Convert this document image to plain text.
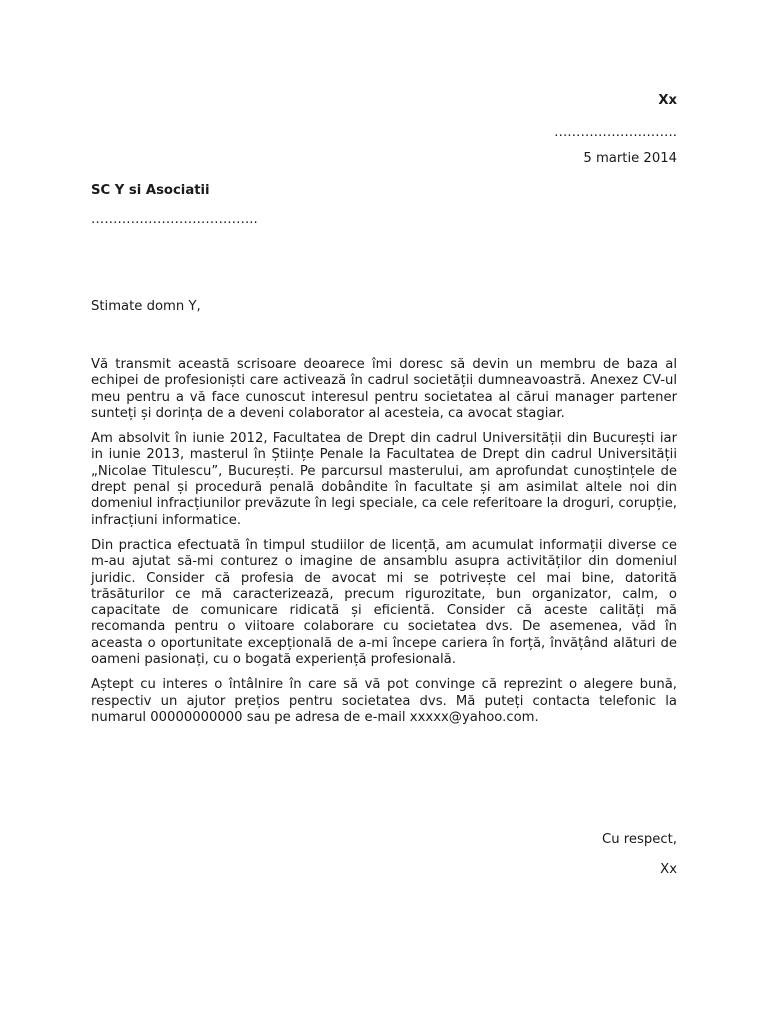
Xx
……………………….
5 martie 2014
SC Y si Asociatii
………………………………..
Stimate domn Y,

Vă transmit această scrisoare deoarece îmi doresc să devin un membru de baza al echipei de profesioniști care activează în cadrul societății dumneavoastră. Anexez CV-ul meu pentru a vă face cunoscut interesul pentru societatea al cărui manager partener sunteți și dorința de a deveni colaborator al acesteia, ca avocat stagiar.

Am absolvit în iunie 2012, Facultatea de Drept din cadrul Universității din București iar in iunie 2013, masterul în Științe Penale la Facultatea de Drept din cadrul Universității „Nicolae Titulescu”, București. Pe parcursul masterului, am aprofundat cunoștințele de drept penal și procedură penală dobândite în facultate și am asimilat altele noi din domeniul infracțiunilor prevăzute în legi speciale, ca cele referitoare la droguri, corupție, infracțiuni informatice.

Din practica efectuată în timpul studiilor de licență, am acumulat informații diverse ce m-au ajutat să-mi conturez o imagine de ansamblu asupra activităților din domeniul juridic. Consider că profesia de avocat mi se potrivește cel mai bine, datorită trăsăturilor ce mă caracterizează, precum rigurozitate, bun organizator, calm, o capacitate de comunicare ridicată și eficientă. Consider că aceste calități mă recomanda pentru o viitoare colaborare cu societatea dvs. De asemenea, văd în aceasta o oportunitate excepțională de a-mi începe cariera în forță, învățând alături de oameni pasionați, cu o bogată experiență profesională.

Aștept cu interes o întâlnire în care să vă pot convinge că reprezint o alegere bună, respectiv un ajutor prețios pentru societatea dvs. Mă puteți contacta telefonic la numarul 00000000000 sau pe adresa de e-mail xxxxx@yahoo.com.

Cu respect,
Xx
